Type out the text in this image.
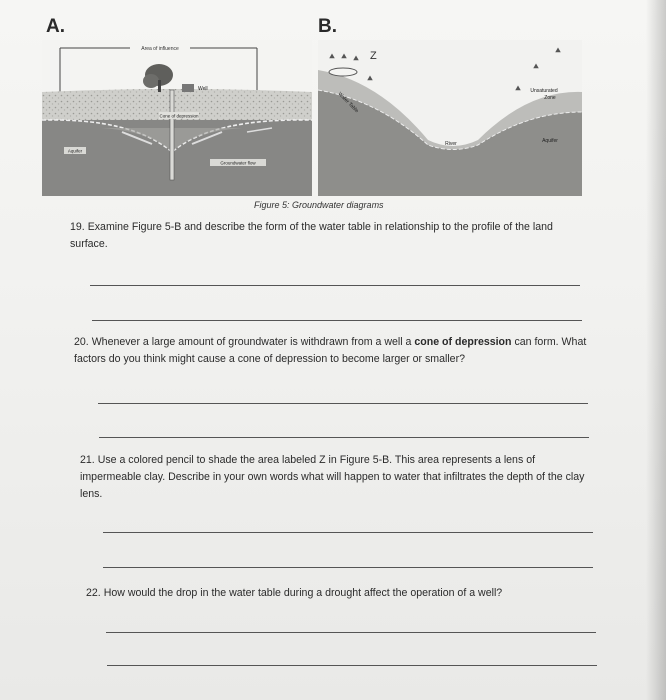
A.	B.
Area of influence
Well
Cone of depression
Aquifer
Groundwater flow
Z
⯅ ⯅ ⯅
⯅
⯅
⯅
⯅
Water Table
Unsaturated
Zone
River	Aquifer
Figure 5: Groundwater diagrams
19. Examine Figure 5-B and describe the form of the water table in relationship to the profile of the land surface.
20. Whenever a large amount of groundwater is withdrawn from a well a cone of depression can form. What factors do you think might cause a cone of depression to become larger or smaller?
21. Use a colored pencil to shade the area labeled Z in Figure 5-B. This area represents a lens of impermeable clay. Describe in your own words what will happen to water that infiltrates the depth of the clay lens.
22. How would the drop in the water table during a drought affect the operation of a well?
